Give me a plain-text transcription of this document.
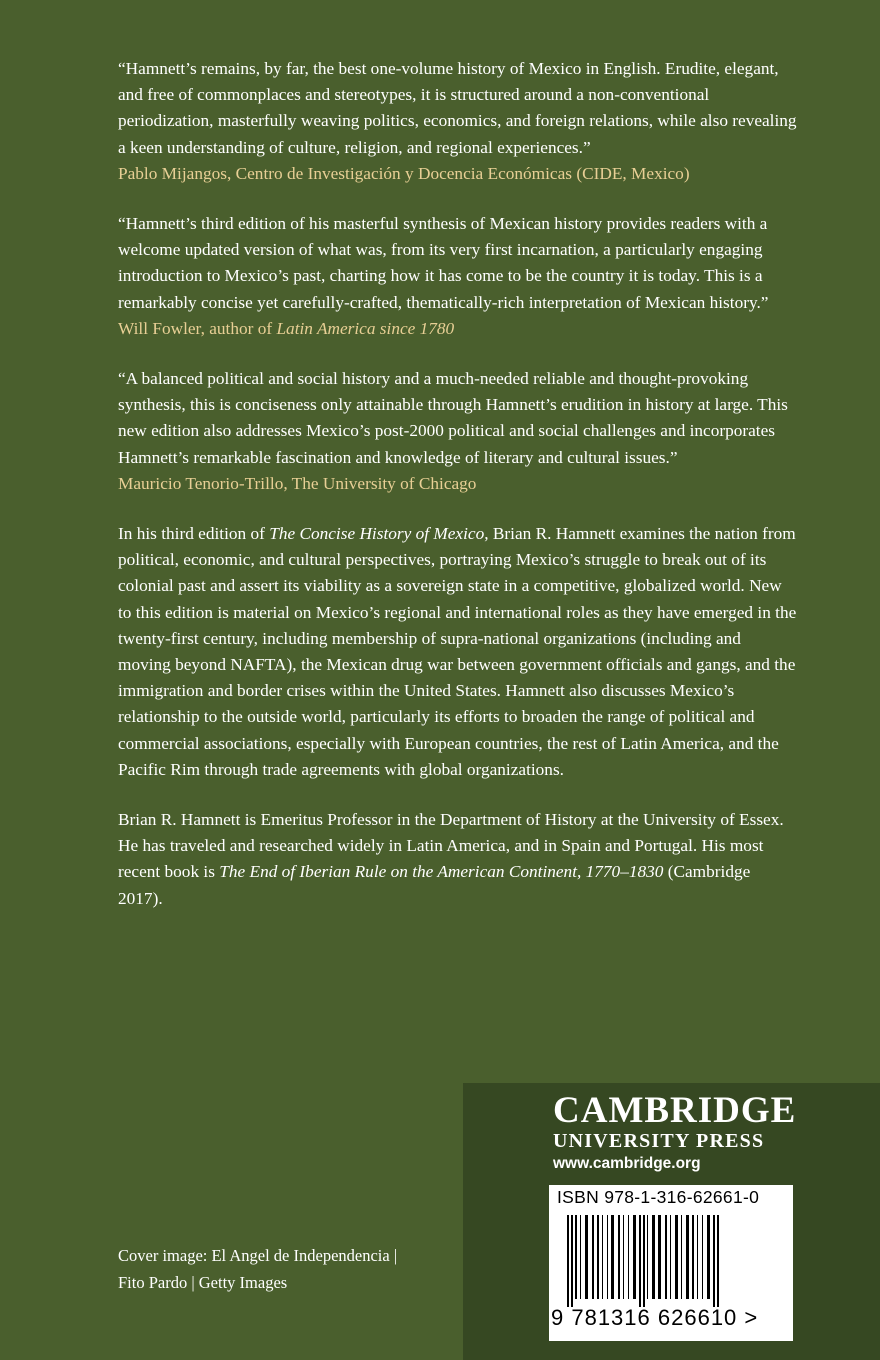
“Hamnett’s remains, by far, the best one-volume history of Mexico in English. Erudite, elegant, and free of commonplaces and stereotypes, it is structured around a non-conventional periodization, masterfully weaving politics, economics, and foreign relations, while also revealing a keen understanding of culture, religion, and regional experiences.”

Pablo Mijangos, Centro de Investigación y Docencia Económicas (CIDE, Mexico)

“Hamnett’s third edition of his masterful synthesis of Mexican history provides readers with a welcome updated version of what was, from its very first incarnation, a particularly engaging introduction to Mexico’s past, charting how it has come to be the country it is today. This is a remarkably concise yet carefully-crafted, thematically-rich interpretation of Mexican history.”

Will Fowler, author of Latin America since 1780

“A balanced political and social history and a much-needed reliable and thought-provoking synthesis, this is conciseness only attainable through Hamnett’s erudition in history at large. This new edition also addresses Mexico’s post-2000 political and social challenges and incorporates Hamnett’s remarkable fascination and knowledge of literary and cultural issues.”

Mauricio Tenorio-Trillo, The University of Chicago

In his third edition of The Concise History of Mexico, Brian R. Hamnett examines the nation from political, economic, and cultural perspectives, portraying Mexico’s struggle to break out of its colonial past and assert its viability as a sovereign state in a competitive, globalized world. New to this edition is material on Mexico’s regional and international roles as they have emerged in the twenty-first century, including membership of supra-national organizations (including and moving beyond NAFTA), the Mexican drug war between government officials and gangs, and the immigration and border crises within the United States. Hamnett also discusses Mexico’s relationship to the outside world, particularly its efforts to broaden the range of political and commercial associations, especially with European countries, the rest of Latin America, and the Pacific Rim through trade agreements with global organizations.

Brian R. Hamnett is Emeritus Professor in the Department of History at the University of Essex. He has traveled and researched widely in Latin America, and in Spain and Portugal. His most recent book is The End of Iberian Rule on the American Continent, 1770–1830 (Cambridge 2017).

Cover image: El Angel de Independencia |
Fito Pardo | Getty Images
CAMBRIDGE
UNIVERSITY PRESS
www.cambridge.org
ISBN 978-1-316-62661-0
9 781316 626610 >
